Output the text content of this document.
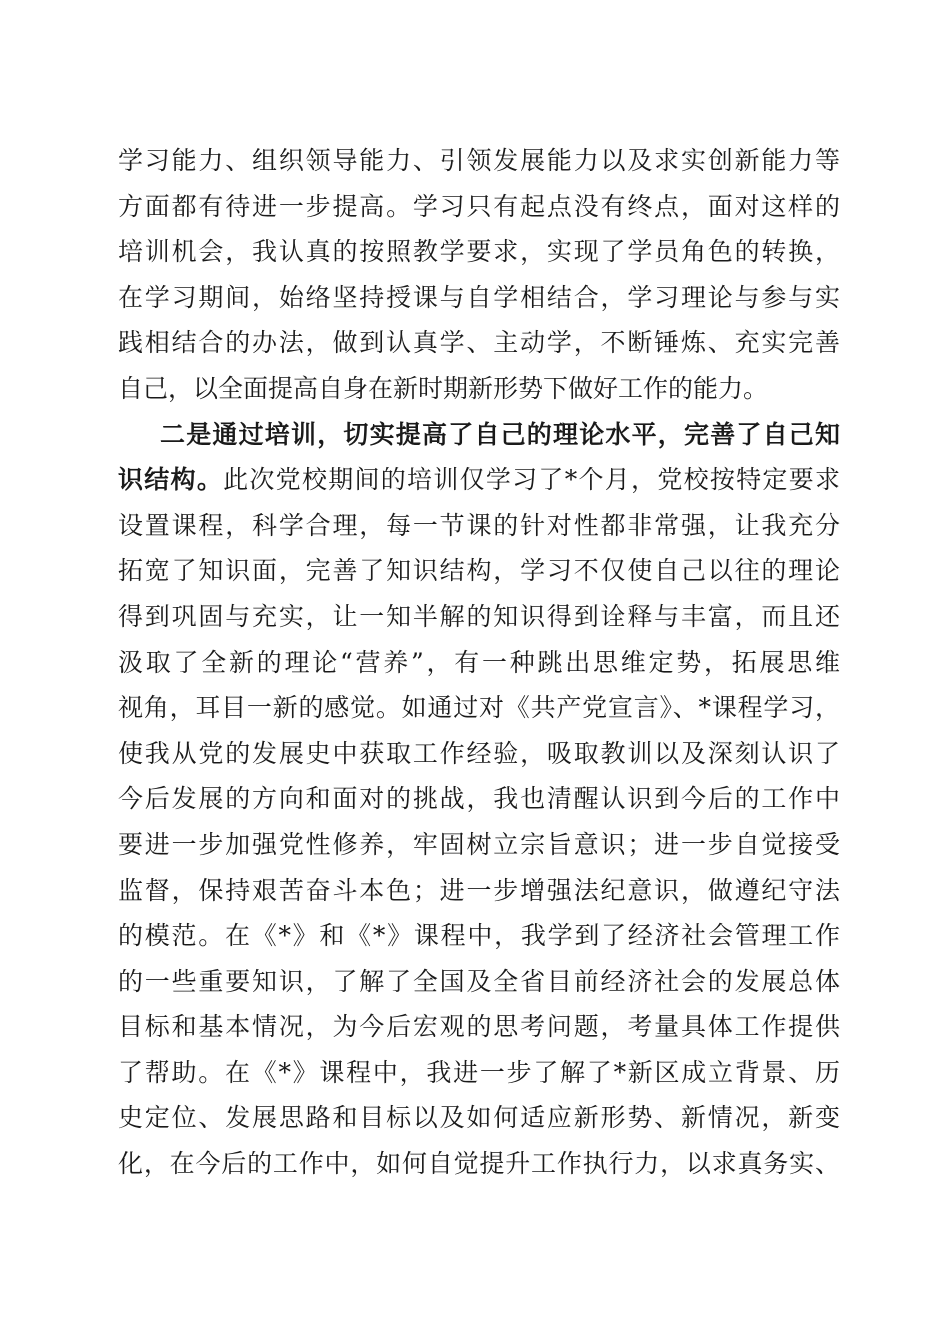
学习能力、组织领导能力、引领发展能力以及求实创新能力等
方面都有待进一步提高。学习只有起点没有终点，面对这样的
培训机会，我认真的按照教学要求，实现了学员角色的转换，
在学习期间，始络坚持授课与自学相结合，学习理论与参与实
践相结合的办法，做到认真学、主动学，不断锤炼、充实完善
自己，以全面提高自身在新时期新形势下做好工作的能力。
二是通过培训，切实提高了自己的理论水平，完善了自己知
识结构。此次党校期间的培训仅学习了*个月，党校按特定要求
设置课程，科学合理，每一节课的针对性都非常强，让我充分
拓宽了知识面，完善了知识结构，学习不仅使自己以往的理论
得到巩固与充实，让一知半解的知识得到诠释与丰富，而且还
汲取了全新的理论“营养”，有一种跳出思维定势，拓展思维
视角，耳目一新的感觉。如通过对《共产党宣言》、*课程学习，
使我从党的发展史中获取工作经验，吸取教训以及深刻认识了
今后发展的方向和面对的挑战，我也清醒认识到今后的工作中
要进一步加强党性修养，牢固树立宗旨意识；进一步自觉接受
监督，保持艰苦奋斗本色；进一步增强法纪意识，做遵纪守法
的模范。在《*》和《*》课程中，我学到了经济社会管理工作
的一些重要知识，了解了全国及全省目前经济社会的发展总体
目标和基本情况，为今后宏观的思考问题，考量具体工作提供
了帮助。在《*》课程中，我进一步了解了*新区成立背景、历
史定位、发展思路和目标以及如何适应新形势、新情况，新变
化，在今后的工作中，如何自觉提升工作执行力，以求真务实、
